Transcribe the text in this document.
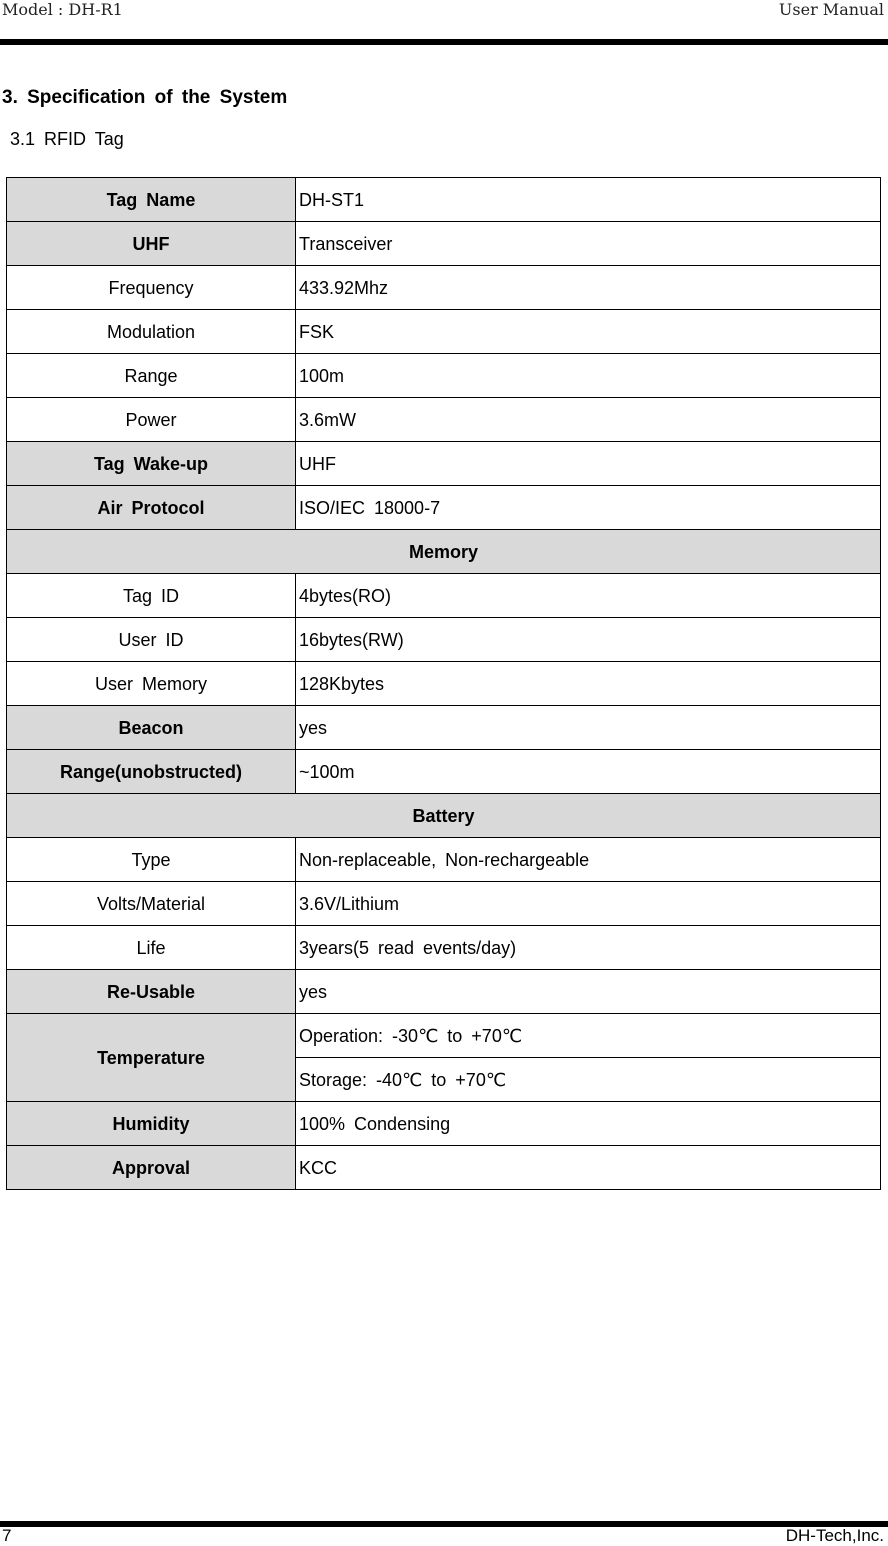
Model : DH-R1	User Manual
3. Specification of the System
3.1 RFID Tag
Tag Name	DH-ST1
UHF	Transceiver
Frequency	433.92Mhz
Modulation	FSK
Range	100m
Power	3.6mW
Tag Wake-up	UHF
Air Protocol	ISO/IEC 18000-7
Memory	
Tag ID	4bytes(RO)
User ID	16bytes(RW)
User Memory	128Kbytes
Beacon	yes
Range(unobstructed)	~100m
Battery	
Type	Non-replaceable, Non-rechargeable
Volts/Material	3.6V/Lithium
Life	3years(5 read events/day)
Re-Usable	yes
Temperature	Operation: -30℃ to +70℃
	Storage: -40℃ to +70℃
Humidity	100% Condensing
Approval	KCC
7	DH-Tech,Inc.
